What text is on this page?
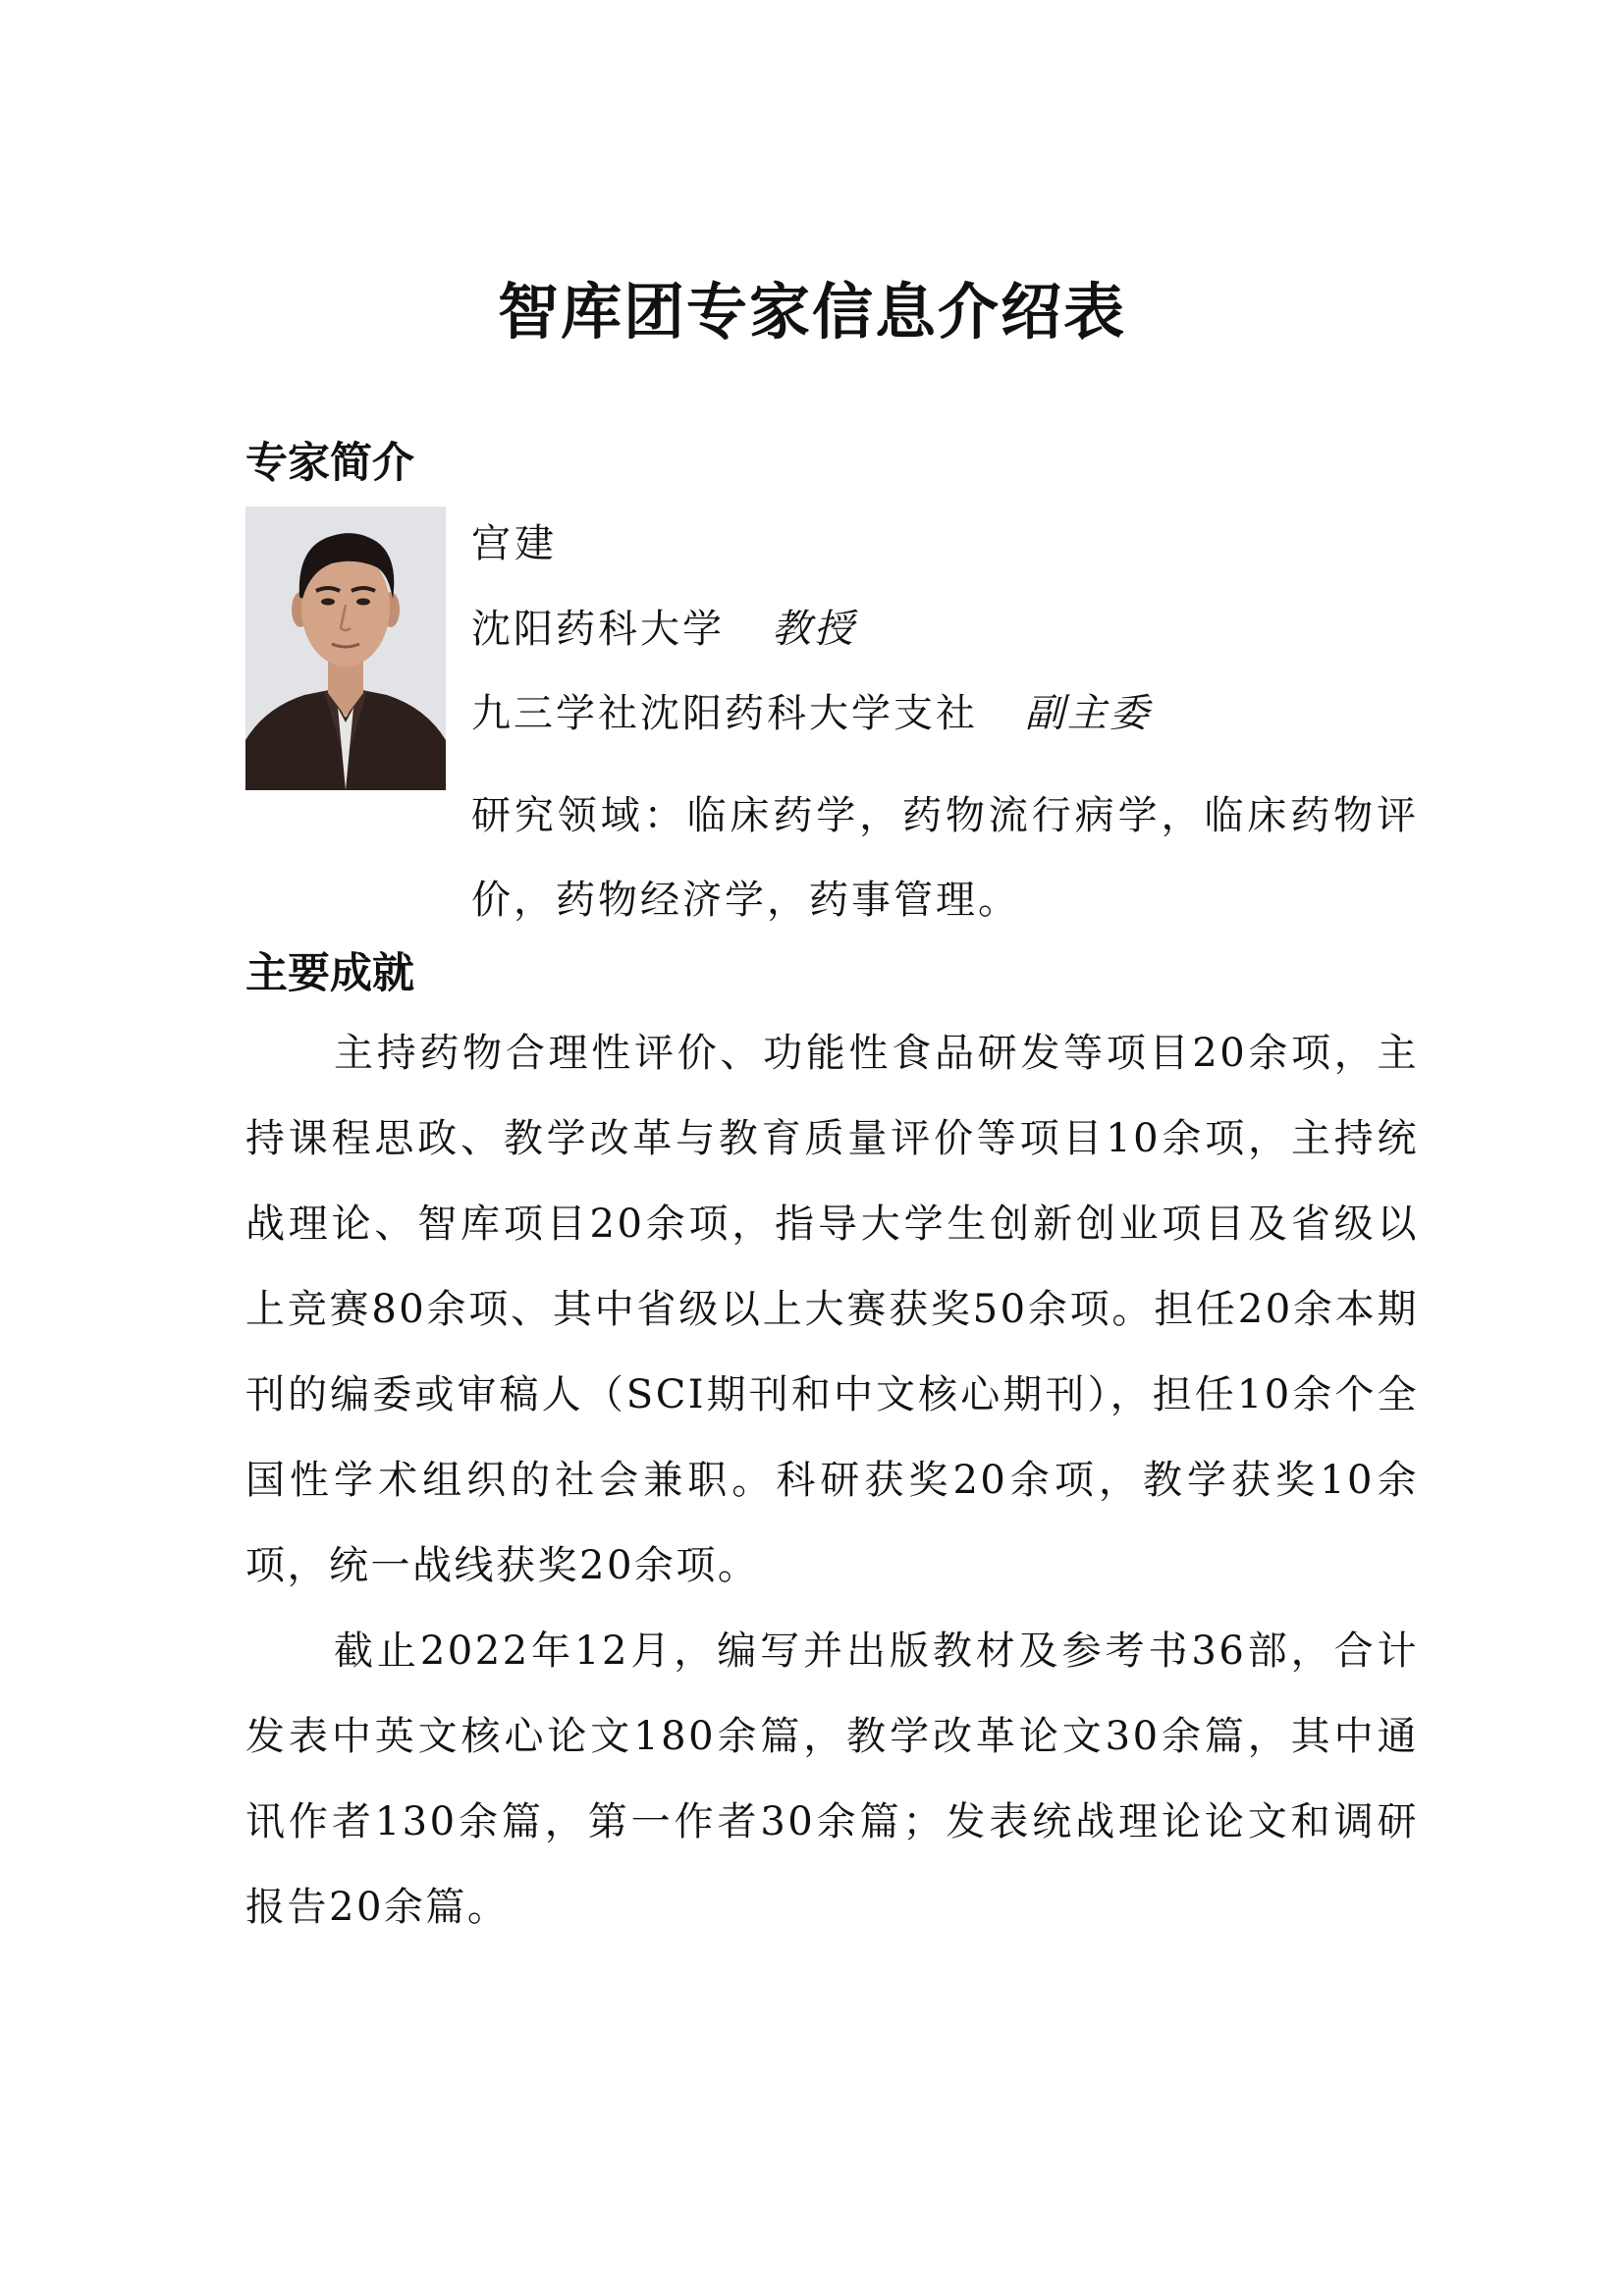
智库团专家信息介绍表
专家简介
宫建
沈阳药科大学 教授
九三学社沈阳药科大学支社 副主委
研究领域：临床药学，药物流行病学，临床药物评价，药物经济学，药事管理。
主要成就

主持药物合理性评价、功能性食品研发等项目20余项，主持课程思政、教学改革与教育质量评价等项目10余项，主持统战理论、智库项目20余项，指导大学生创新创业项目及省级以上竞赛80余项、其中省级以上大赛获奖50余项。担任20余本期刊的编委或审稿人（SCI期刊和中文核心期刊），担任10余个全国性学术组织的社会兼职。科研获奖20余项，教学获奖10余项，统一战线获奖20余项。

截止2022年12月，编写并出版教材及参考书36部，合计发表中英文核心论文180余篇，教学改革论文30余篇，其中通讯作者130余篇，第一作者30余篇；发表统战理论论文和调研报告20余篇。
